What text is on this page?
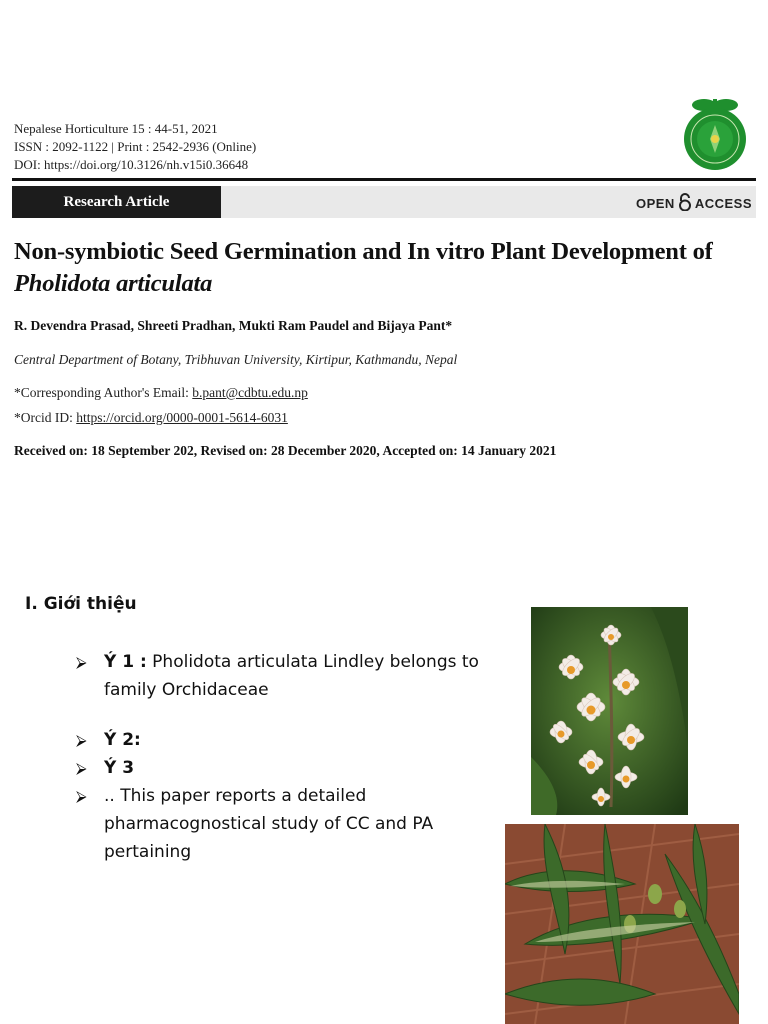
Nepalese Horticulture 15 : 44-51, 2021
ISSN : 2092-1122 | Print : 2542-2936 (Online)
DOI: https://doi.org/10.3126/nh.v15i0.36648
Research Article	OPEN ACCESS
Non-symbiotic Seed Germination and In vitro Plant Development of Pholidota articulata
R. Devendra Prasad, Shreeti Pradhan, Mukti Ram Paudel and Bijaya Pant*
Central Department of Botany, Tribhuvan University, Kirtipur, Kathmandu, Nepal
*Corresponding Author's Email: b.pant@cdbtu.edu.np
*Orcid ID: https://orcid.org/0000-0001-5614-6031
Received on: 18 September 202, Revised on: 28 December 2020, Accepted on: 14 January 2021
I. Giới thiệu
⮚ Ý 1 : Pholidota articulata Lindley belongs to family Orchidaceae
⮚ Ý 2:
⮚ Ý 3
⮚ .. This paper reports a detailed pharmacognostical study of CC and PA pertaining
